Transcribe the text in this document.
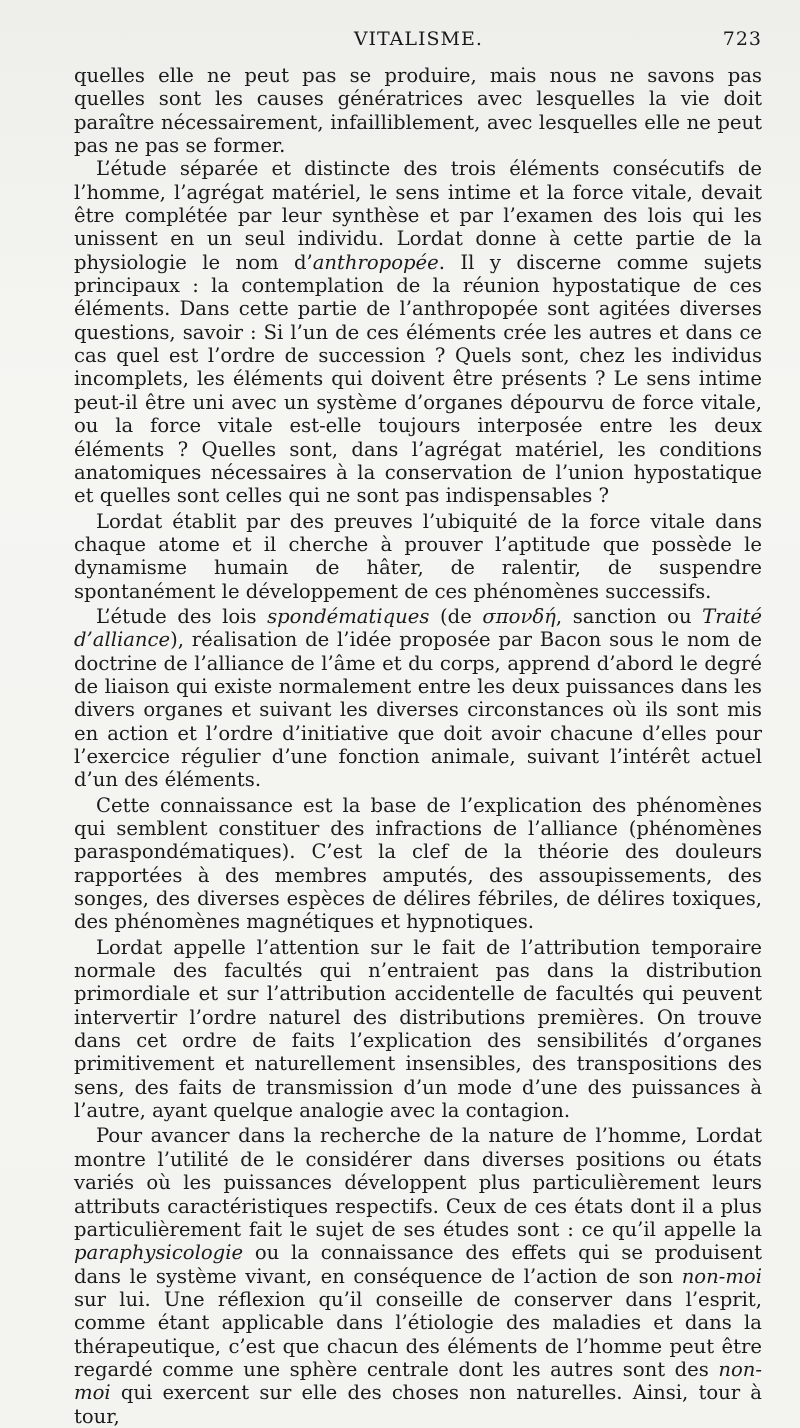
VITALISME.	723

quelles elle ne peut pas se produire, mais nous ne savons pas quelles sont les causes génératrices avec lesquelles la vie doit paraître nécessairement, infailliblement, avec lesquelles elle ne peut pas ne pas se former.

L’étude séparée et distincte des trois éléments consécutifs de l’homme, l’agrégat matériel, le sens intime et la force vitale, devait être complétée par leur synthèse et par l’examen des lois qui les unissent en un seul individu. Lordat donne à cette partie de la physiologie le nom d’anthropopée. Il y discerne comme sujets principaux : la contemplation de la réunion hypostatique de ces éléments. Dans cette partie de l’anthropopée sont agitées diverses questions, savoir : Si l’un de ces éléments crée les autres et dans ce cas quel est l’ordre de succession ? Quels sont, chez les individus incomplets, les éléments qui doivent être présents ? Le sens intime peut-il être uni avec un système d’organes dépourvu de force vitale, ou la force vitale est-elle toujours interposée entre les deux éléments ? Quelles sont, dans l’agrégat matériel, les conditions anatomiques nécessaires à la conservation de l’union hypostatique et quelles sont celles qui ne sont pas indispensables ?

Lordat établit par des preuves l’ubiquité de la force vitale dans chaque atome et il cherche à prouver l’aptitude que possède le dynamisme humain de hâter, de ralentir, de suspendre spontanément le développement de ces phénomènes successifs.

L’étude des lois spondématiques (de σπονδή, sanction ou Traité d’alliance), réalisation de l’idée proposée par Bacon sous le nom de doctrine de l’alliance de l’âme et du corps, apprend d’abord le degré de liaison qui existe normalement entre les deux puissances dans les divers organes et suivant les diverses circonstances où ils sont mis en action et l’ordre d’initiative que doit avoir chacune d’elles pour l’exercice régulier d’une fonction animale, suivant l’intérêt actuel d’un des éléments.

Cette connaissance est la base de l’explication des phénomènes qui semblent constituer des infractions de l’alliance (phénomènes paraspondématiques). C’est la clef de la théorie des douleurs rapportées à des membres amputés, des assoupissements, des songes, des diverses espèces de délires fébriles, de délires toxiques, des phénomènes magnétiques et hypnotiques.

Lordat appelle l’attention sur le fait de l’attribution temporaire normale des facultés qui n’entraient pas dans la distribution primordiale et sur l’attribution accidentelle de facultés qui peuvent intervertir l’ordre naturel des distributions premières. On trouve dans cet ordre de faits l’explication des sensibilités d’organes primitivement et naturellement insensibles, des transpositions des sens, des faits de transmission d’un mode d’une des puissances à l’autre, ayant quelque analogie avec la contagion.

Pour avancer dans la recherche de la nature de l’homme, Lordat montre l’utilité de le considérer dans diverses positions ou états variés où les puissances développent plus particulièrement leurs attributs caractéristiques respectifs. Ceux de ces états dont il a plus particulièrement fait le sujet de ses études sont : ce qu’il appelle la paraphysicologie ou la connaissance des effets qui se produisent dans le système vivant, en conséquence de l’action de son non-moi sur lui. Une réflexion qu’il conseille de conserver dans l’esprit, comme étant applicable dans l’étiologie des maladies et dans la thérapeutique, c’est que chacun des éléments de l’homme peut être regardé comme une sphère centrale dont les autres sont des non-moi qui exercent sur elle des choses non naturelles. Ainsi, tour à tour,
